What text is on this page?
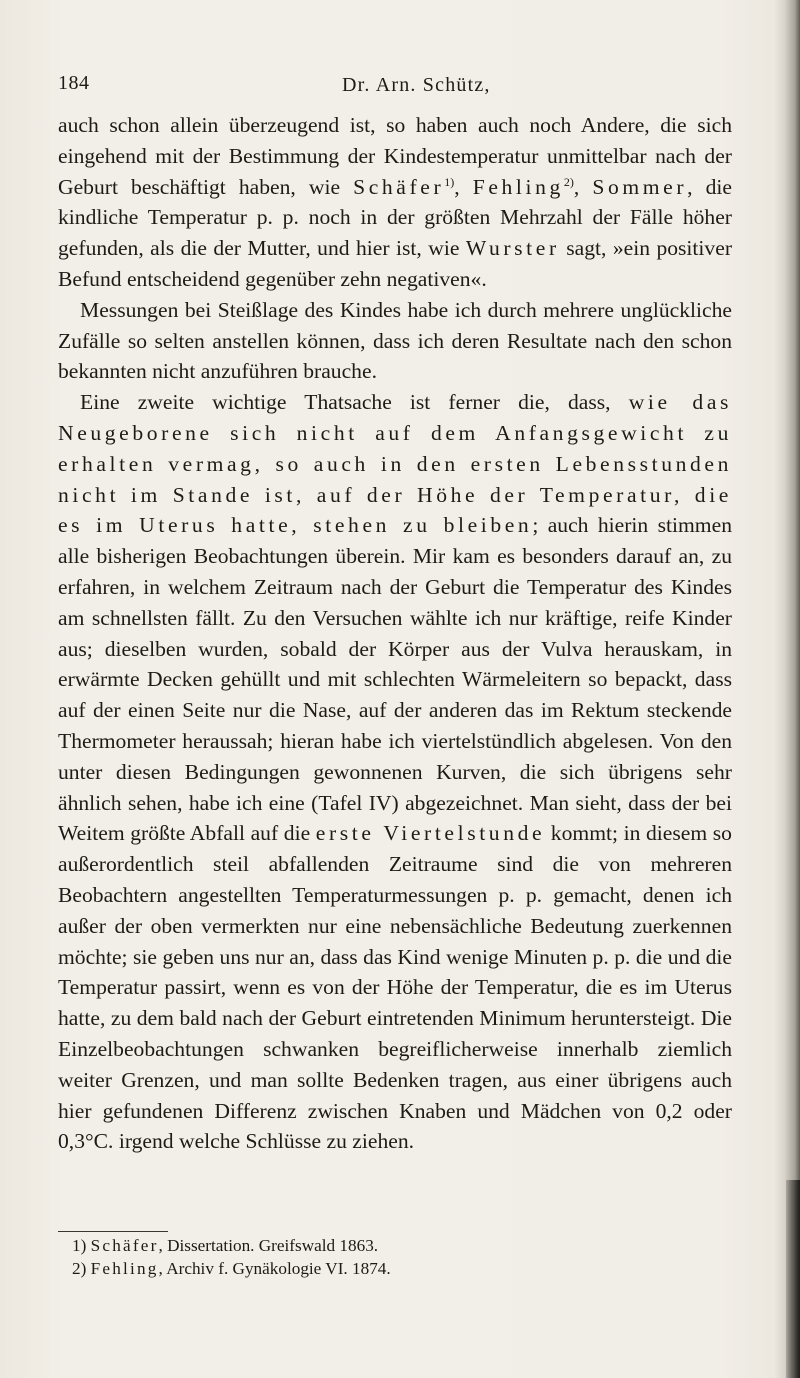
184	Dr. Arn. Schütz,

auch schon allein überzeugend ist, so haben auch noch Andere, die sich eingehend mit der Bestimmung der Kindestemperatur unmittelbar nach der Geburt beschäftigt haben, wie Schäfer$^{1)}$, Fehling$^{2)}$, Sommer, die kindliche Temperatur p. p. noch in der größten Mehrzahl der Fälle höher gefunden, als die der Mutter, und hier ist, wie Wurster sagt, »ein positiver Befund entscheidend gegenüber zehn negativen«.

Messungen bei Steißlage des Kindes habe ich durch mehrere unglückliche Zufälle so selten anstellen können, dass ich deren Resultate nach den schon bekannten nicht anzuführen brauche.

Eine zweite wichtige Thatsache ist ferner die, dass, wie das Neugeborene sich nicht auf dem Anfangsgewicht zu erhalten vermag, so auch in den ersten Lebensstunden nicht im Stande ist, auf der Höhe der Temperatur, die es im Uterus hatte, stehen zu bleiben; auch hierin stimmen alle bisherigen Beobachtungen überein. Mir kam es besonders darauf an, zu erfahren, in welchem Zeitraum nach der Geburt die Temperatur des Kindes am schnellsten fällt. Zu den Versuchen wählte ich nur kräftige, reife Kinder aus; dieselben wurden, sobald der Körper aus der Vulva herauskam, in erwärmte Decken gehüllt und mit schlechten Wärmeleitern so bepackt, dass auf der einen Seite nur die Nase, auf der anderen das im Rektum steckende Thermometer heraussah; hieran habe ich viertelstündlich abgelesen. Von den unter diesen Bedingungen gewonnenen Kurven, die sich übrigens sehr ähnlich sehen, habe ich eine (Tafel IV) abgezeichnet. Man sieht, dass der bei Weitem größte Abfall auf die erste Viertelstunde kommt; in diesem so außerordentlich steil abfallenden Zeitraume sind die von mehreren Beobachtern angestellten Temperaturmessungen p. p. gemacht, denen ich außer der oben vermerkten nur eine nebensächliche Bedeutung zuerkennen möchte; sie geben uns nur an, dass das Kind wenige Minuten p. p. die und die Temperatur passirt, wenn es von der Höhe der Temperatur, die es im Uterus hatte, zu dem bald nach der Geburt eintretenden Minimum heruntersteigt. Die Einzelbeobachtungen schwanken begreiflicherweise innerhalb ziemlich weiter Grenzen, und man sollte Bedenken tragen, aus einer übrigens auch hier gefundenen Differenz zwischen Knaben und Mädchen von 0,2 oder 0,3°C. irgend welche Schlüsse zu ziehen.

1) Schäfer, Dissertation. Greifswald 1863.

2) Fehling, Archiv f. Gynäkologie VI. 1874.
